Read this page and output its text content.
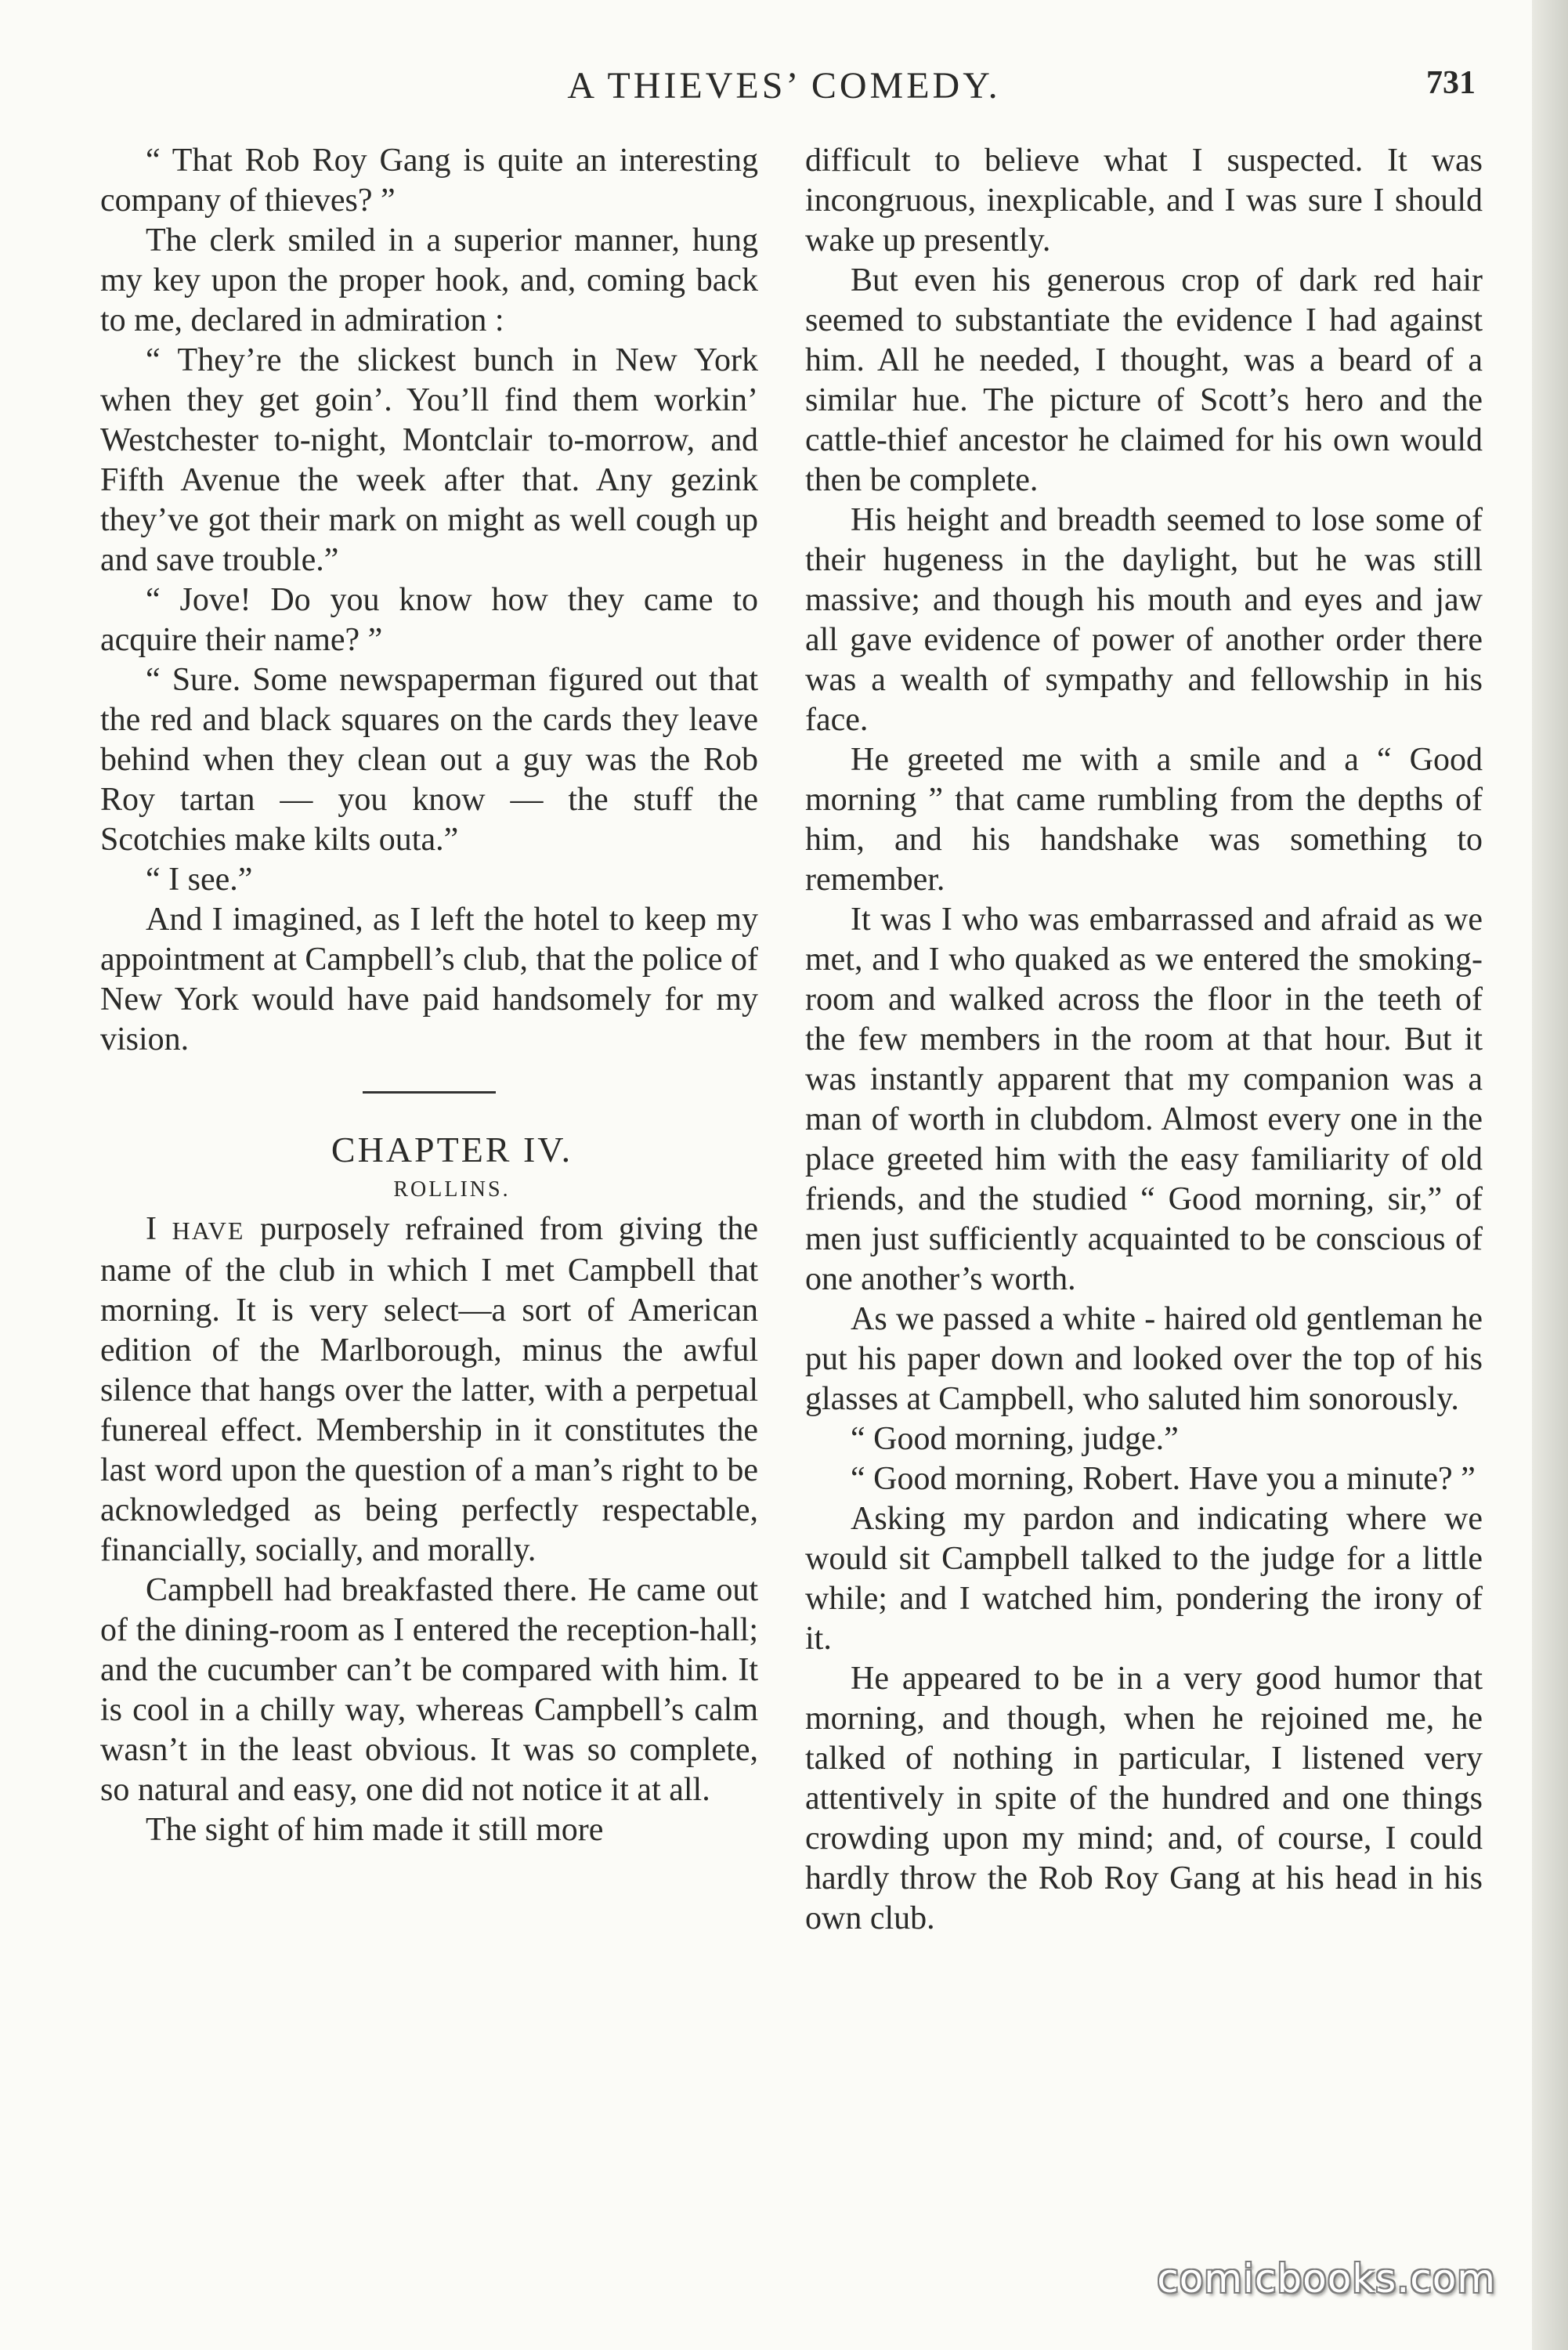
A THIEVES’ COMEDY.	731

“ That Rob Roy Gang is quite an interesting company of thieves? ”

The clerk smiled in a superior manner, hung my key upon the proper hook, and, coming back to me, declared in admiration :

“ They’re the slickest bunch in New York when they get goin’. You’ll find them workin’ Westchester to-night, Montclair to-morrow, and Fifth Avenue the week after that. Any gezink they’ve got their mark on might as well cough up and save trouble.”

“ Jove! Do you know how they came to acquire their name? ”

“ Sure. Some newspaperman figured out that the red and black squares on the cards they leave behind when they clean out a guy was the Rob Roy tartan — you know — the stuff the Scotchies make kilts outa.”

“ I see.”

And I imagined, as I left the hotel to keep my appointment at Campbell’s club, that the police of New York would have paid handsomely for my vision.

CHAPTER IV.

ROLLINS.

I HAVE purposely refrained from giving the name of the club in which I met Campbell that morning. It is very select—a sort of American edition of the Marlborough, minus the awful silence that hangs over the latter, with a perpetual funereal effect. Membership in it constitutes the last word upon the question of a man’s right to be acknowledged as being perfectly respectable, financially, socially, and morally.

Campbell had breakfasted there. He came out of the dining-room as I entered the reception-hall; and the cucumber can’t be compared with him. It is cool in a chilly way, whereas Campbell’s calm wasn’t in the least obvious. It was so complete, so natural and easy, one did not notice it at all.

The sight of him made it still more

difficult to believe what I suspected. It was incongruous, inexplicable, and I was sure I should wake up presently.

But even his generous crop of dark red hair seemed to substantiate the evidence I had against him. All he needed, I thought, was a beard of a similar hue. The picture of Scott’s hero and the cattle-thief ancestor he claimed for his own would then be complete.

His height and breadth seemed to lose some of their hugeness in the daylight, but he was still massive; and though his mouth and eyes and jaw all gave evidence of power of another order there was a wealth of sympathy and fellowship in his face.

He greeted me with a smile and a “ Good morning ” that came rumbling from the depths of him, and his handshake was something to remember.

It was I who was embarrassed and afraid as we met, and I who quaked as we entered the smoking-room and walked across the floor in the teeth of the few members in the room at that hour. But it was instantly apparent that my companion was a man of worth in clubdom. Almost every one in the place greeted him with the easy familiarity of old friends, and the studied “ Good morning, sir,” of men just sufficiently acquainted to be conscious of one another’s worth.

As we passed a white - haired old gentleman he put his paper down and looked over the top of his glasses at Campbell, who saluted him sonorously.

“ Good morning, judge.”

“ Good morning, Robert. Have you a minute? ”

Asking my pardon and indicating where we would sit Campbell talked to the judge for a little while; and I watched him, pondering the irony of it.

He appeared to be in a very good humor that morning, and though, when he rejoined me, he talked of nothing in particular, I listened very attentively in spite of the hundred and one things crowding upon my mind; and, of course, I could hardly throw the Rob Roy Gang at his head in his own club.

comicbooks.com
